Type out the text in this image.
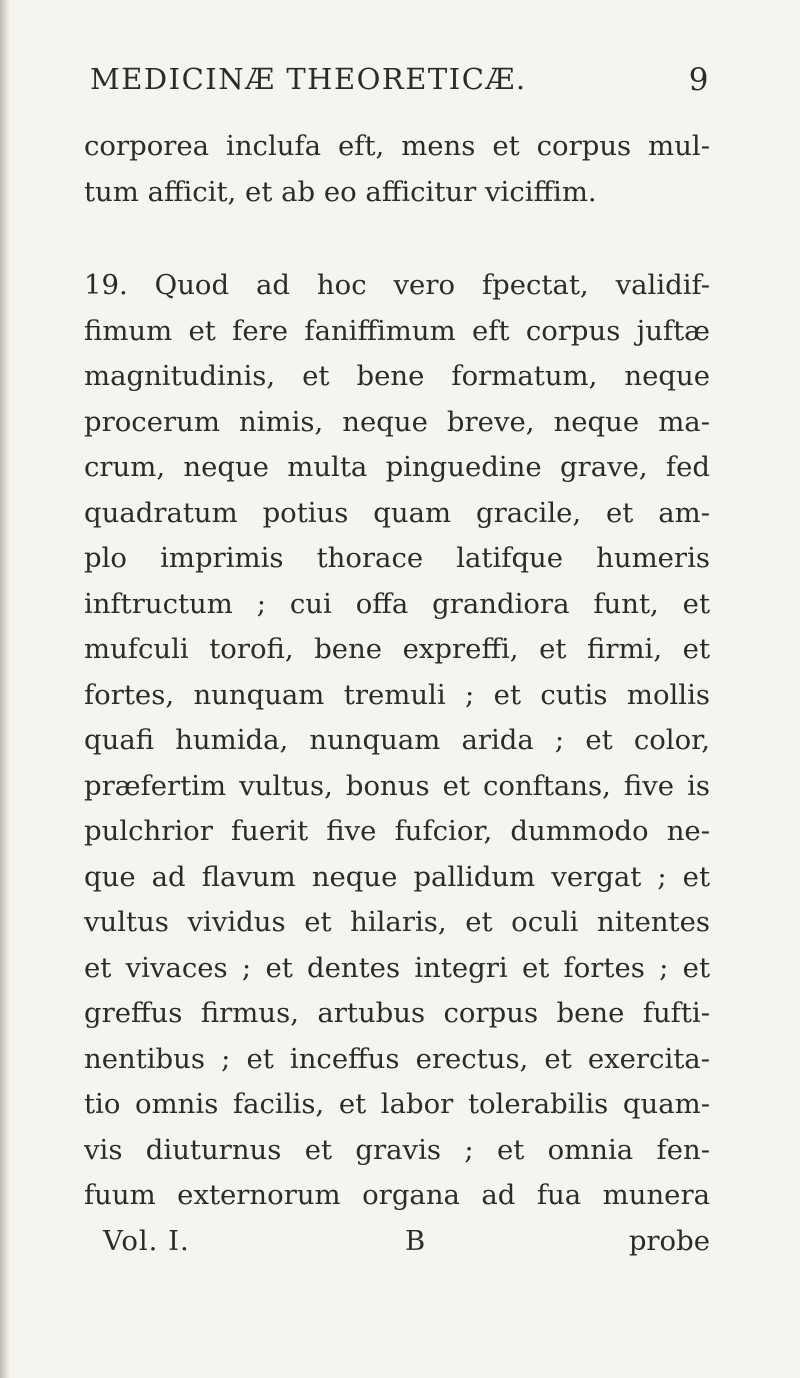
MEDICINÆ THEORETICÆ.	9
corporea inclufa eft, mens et corpus mul-
tum afficit, et ab eo afficitur viciffim.
19. Quod ad hoc vero fpectat, validif-
fimum et fere faniffimum eft corpus juftæ
magnitudinis, et bene formatum, neque
procerum nimis, neque breve, neque ma-
crum, neque multa pinguedine grave, fed
quadratum potius quam gracile, et am-
plo imprimis thorace latifque humeris
inftructum ; cui offa grandiora funt, et
mufculi torofi, bene expreffi, et firmi, et
fortes, nunquam tremuli ; et cutis mollis
quafi humida, nunquam arida ; et color,
præfertim vultus, bonus et conftans, five is
pulchrior fuerit five fufcior, dummodo ne-
que ad flavum neque pallidum vergat ; et
vultus vividus et hilaris, et oculi nitentes
et vivaces ; et dentes integri et fortes ; et
greffus firmus, artubus corpus bene fufti-
nentibus ; et inceffus erectus, et exercita-
tio omnis facilis, et labor tolerabilis quam-
vis diuturnus et gravis ; et omnia fen-
fuum externorum organa ad fua munera
Vol. I.	B	probe
